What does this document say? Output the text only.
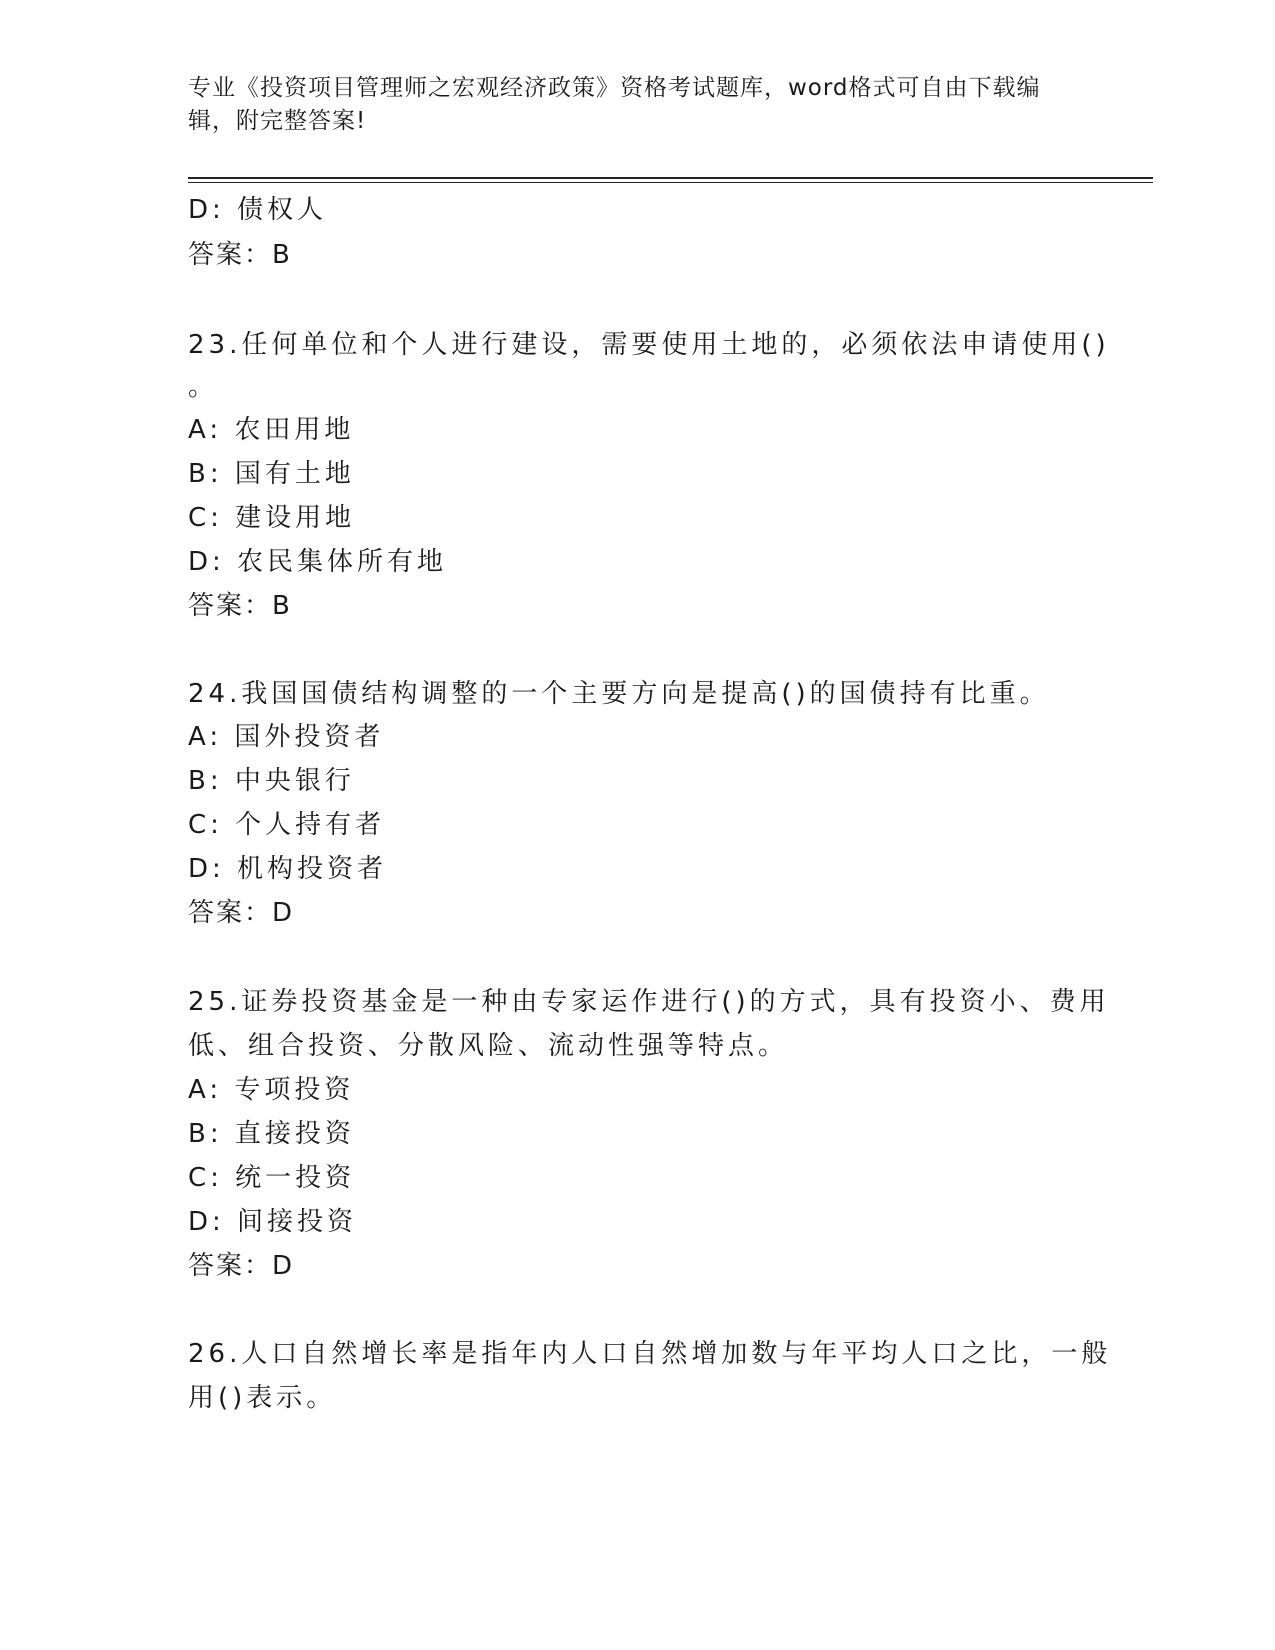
专业《投资项目管理师之宏观经济政策》资格考试题库，word格式可自由下载编
辑，附完整答案!
D: 债权人
答案：B
23.任何单位和个人进行建设，需要使用土地的，必须依法申请使用()
。
A: 农田用地
B: 国有土地
C: 建设用地
D: 农民集体所有地
答案：B
24.我国国债结构调整的一个主要方向是提高()的国债持有比重。
A: 国外投资者
B: 中央银行
C: 个人持有者
D: 机构投资者
答案：D
25.证券投资基金是一种由专家运作进行()的方式，具有投资小、费用
低、组合投资、分散风险、流动性强等特点。
A: 专项投资
B: 直接投资
C: 统一投资
D: 间接投资
答案：D
26.人口自然增长率是指年内人口自然增加数与年平均人口之比，一般
用()表示。
